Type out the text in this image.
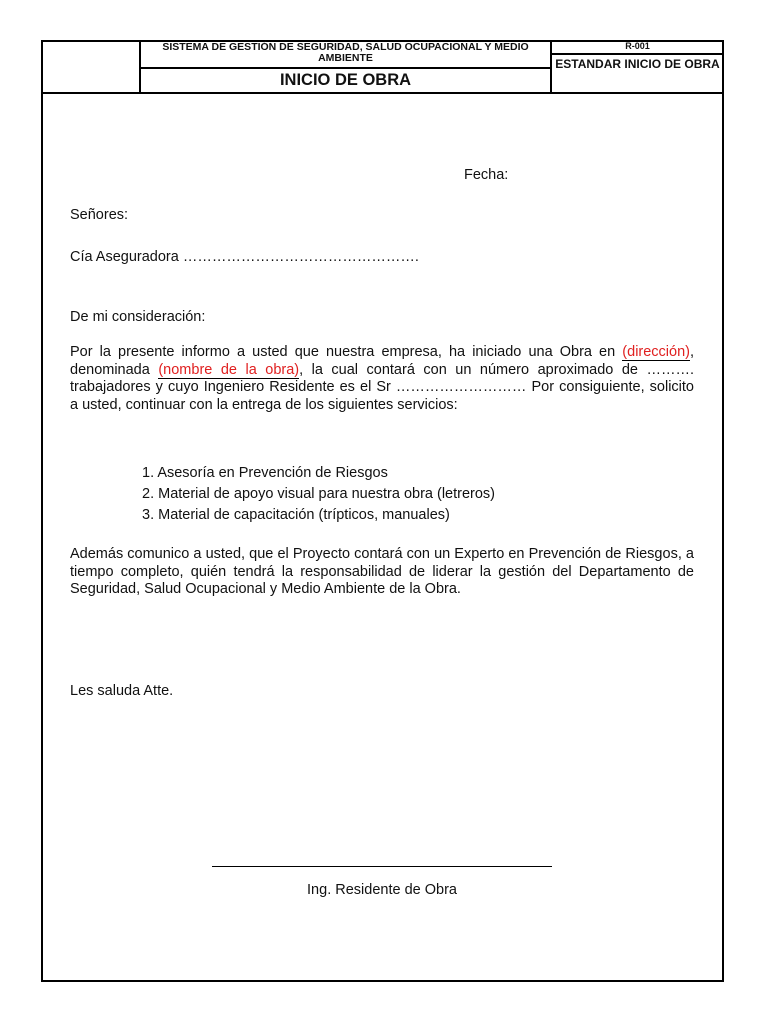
SISTEMA DE GESTIÓN DE SEGURIDAD, SALUD OCUPACIONAL Y MEDIO AMBIENTE
INICIO DE OBRA
R-001
ESTANDAR INICIO DE OBRA
Fecha:
Señores:
Cía Aseguradora ………………………………………….
De mi consideración:
Por la presente informo a usted que nuestra empresa, ha iniciado una Obra en (dirección), denominada (nombre de la obra), la cual contará con un número aproximado de ………. trabajadores y cuyo Ingeniero Residente es el Sr ……………………… Por consiguiente, solicito a usted, continuar con la entrega de los siguientes servicios:
1. Asesoría en Prevención de Riesgos
2. Material de apoyo visual para nuestra obra (letreros)
3. Material de capacitación (trípticos, manuales)
Además comunico a usted, que el Proyecto contará con un Experto en Prevención de Riesgos, a tiempo completo, quién tendrá la responsabilidad de liderar la gestión del Departamento de Seguridad, Salud Ocupacional y Medio Ambiente de la Obra.
Les saluda Atte.
Ing. Residente de Obra
